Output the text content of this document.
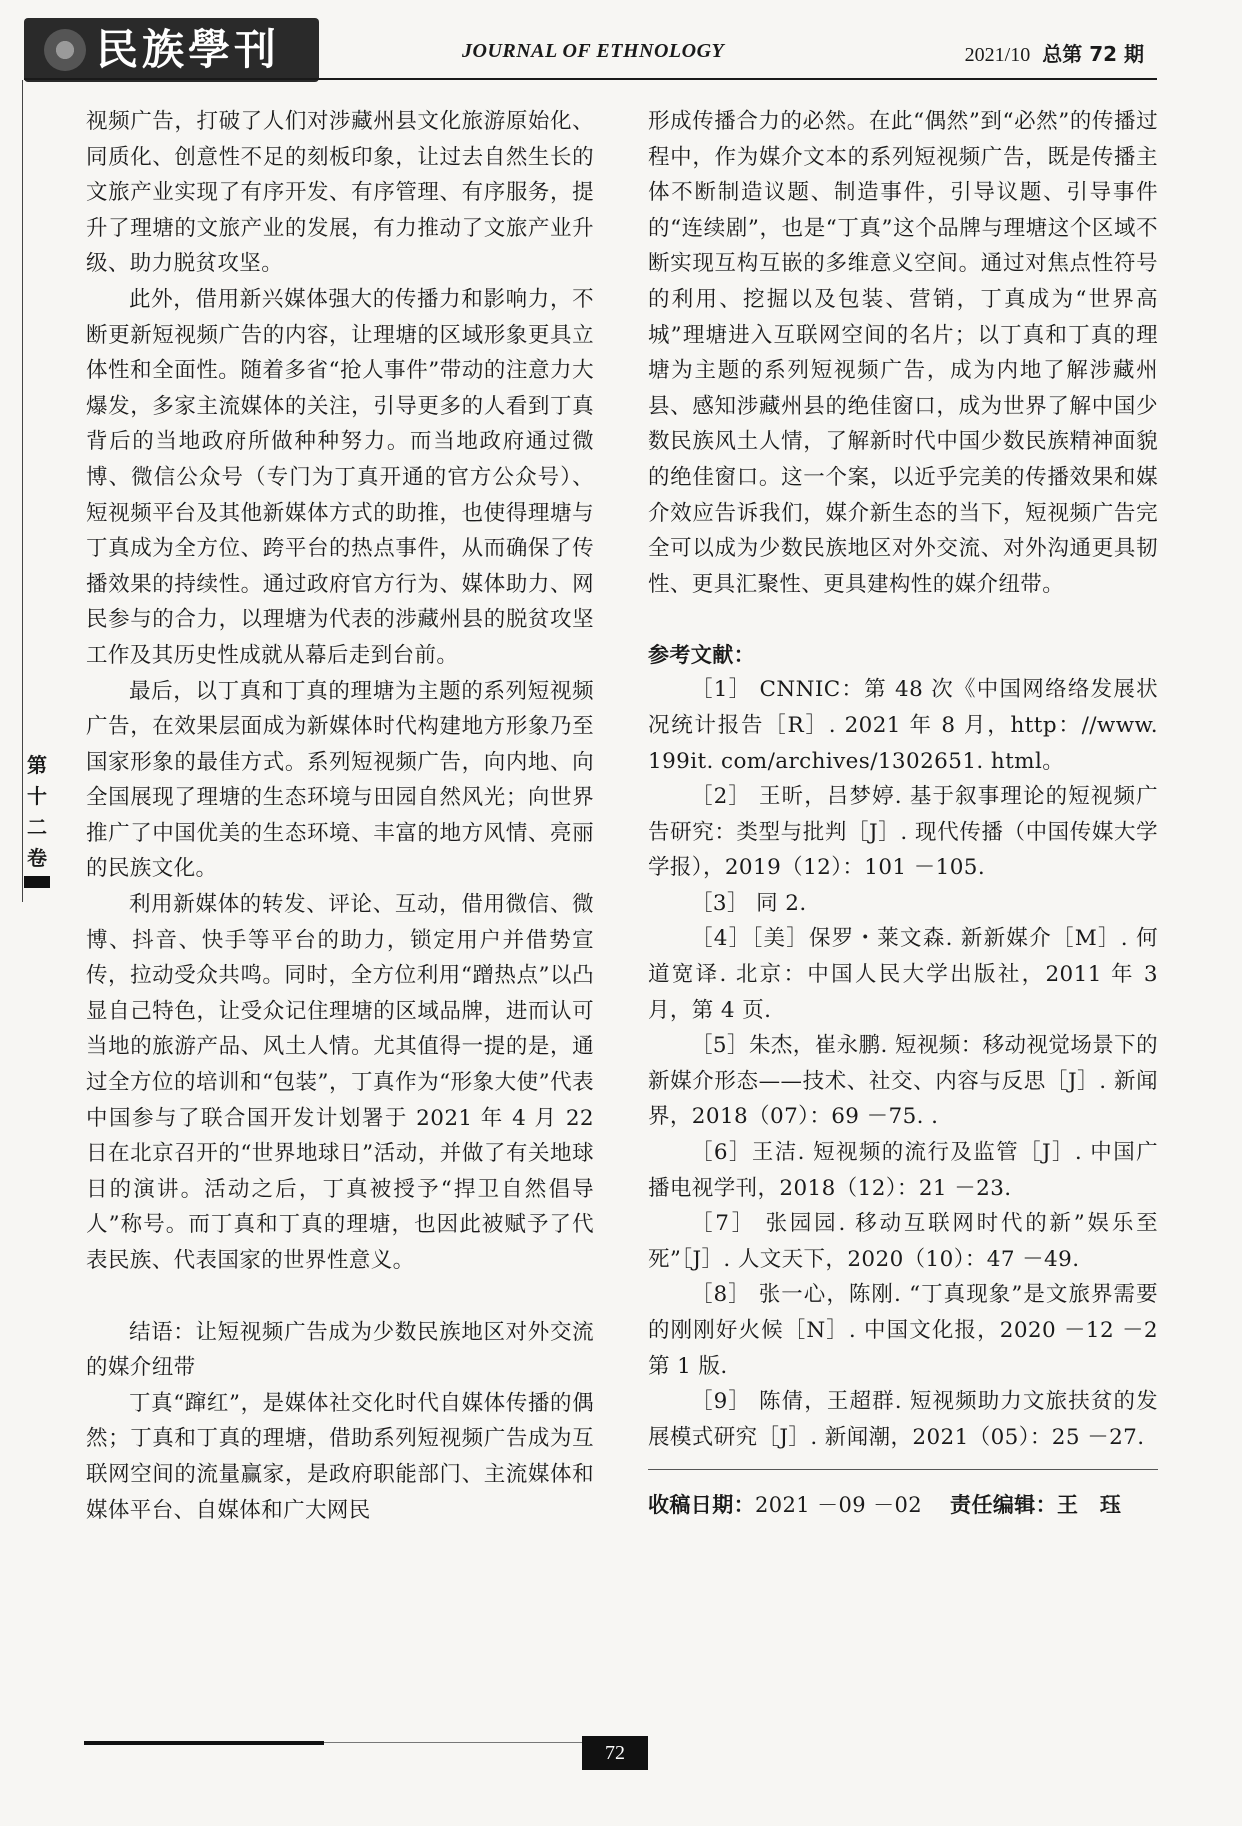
民族學刊	JOURNAL OF ETHNOLOGY	2021/10 总第 72 期
第
十
二
卷

视频广告，打破了人们对涉藏州县文化旅游原始化、同质化、创意性不足的刻板印象，让过去自然生长的文旅产业实现了有序开发、有序管理、有序服务，提升了理塘的文旅产业的发展，有力推动了文旅产业升级、助力脱贫攻坚。

此外，借用新兴媒体强大的传播力和影响力，不断更新短视频广告的内容，让理塘的区域形象更具立体性和全面性。随着多省“抢人事件”带动的注意力大爆发，多家主流媒体的关注，引导更多的人看到丁真背后的当地政府所做种种努力。而当地政府通过微博、微信公众号（专门为丁真开通的官方公众号）、短视频平台及其他新媒体方式的助推，也使得理塘与丁真成为全方位、跨平台的热点事件，从而确保了传播效果的持续性。通过政府官方行为、媒体助力、网民参与的合力，以理塘为代表的涉藏州县的脱贫攻坚工作及其历史性成就从幕后走到台前。

最后，以丁真和丁真的理塘为主题的系列短视频广告，在效果层面成为新媒体时代构建地方形象乃至国家形象的最佳方式。系列短视频广告，向内地、向全国展现了理塘的生态环境与田园自然风光；向世界推广了中国优美的生态环境、丰富的地方风情、亮丽的民族文化。

利用新媒体的转发、评论、互动，借用微信、微博、抖音、快手等平台的助力，锁定用户并借势宣传，拉动受众共鸣。同时，全方位利用“蹭热点”以凸显自己特色，让受众记住理塘的区域品牌，进而认可当地的旅游产品、风土人情。尤其值得一提的是，通过全方位的培训和“包装”，丁真作为“形象大使”代表中国参与了联合国开发计划署于 2021 年 4 月 22 日在北京召开的“世界地球日”活动，并做了有关地球日的演讲。活动之后，丁真被授予“捍卫自然倡导人”称号。而丁真和丁真的理塘，也因此被赋予了代表民族、代表国家的世界性意义。

结语：让短视频广告成为少数民族地区对外交流的媒介纽带

丁真“蹿红”，是媒体社交化时代自媒体传播的偶然；丁真和丁真的理塘，借助系列短视频广告成为互联网空间的流量赢家，是政府职能部门、主流媒体和媒体平台、自媒体和广大网民

形成传播合力的必然。在此“偶然”到“必然”的传播过程中，作为媒介文本的系列短视频广告，既是传播主体不断制造议题、制造事件，引导议题、引导事件的“连续剧”，也是“丁真”这个品牌与理塘这个区域不断实现互构互嵌的多维意义空间。通过对焦点性符号的利用、挖掘以及包装、营销，丁真成为“世界高城”理塘进入互联网空间的名片；以丁真和丁真的理塘为主题的系列短视频广告，成为内地了解涉藏州县、感知涉藏州县的绝佳窗口，成为世界了解中国少数民族风土人情，了解新时代中国少数民族精神面貌的绝佳窗口。这一个案，以近乎完美的传播效果和媒介效应告诉我们，媒介新生态的当下，短视频广告完全可以成为少数民族地区对外交流、对外沟通更具韧性、更具汇聚性、更具建构性的媒介纽带。

参考文献：

［1］ CNNIC：第 48 次《中国网络络发展状况统计报告［R］. 2021 年 8 月，http：//www. 199it. com/archives/1302651. html。

［2］ 王昕，吕梦婷. 基于叙事理论的短视频广告研究：类型与批判［J］. 现代传播（中国传媒大学学报），2019（12）：101 －105.

［3］ 同 2.

［4］［美］保罗・莱文森. 新新媒介［M］. 何道宽译. 北京：中国人民大学出版社，2011 年 3 月，第 4 页.

［5］朱杰，崔永鹏. 短视频：移动视觉场景下的新媒介形态——技术、社交、内容与反思［J］. 新闻界，2018（07）：69 －75. .

［6］王洁. 短视频的流行及监管［J］. 中国广播电视学刊，2018（12）：21 －23.

［7］ 张园园. 移动互联网时代的新”娱乐至死”［J］. 人文天下，2020（10）：47 －49.

［8］ 张一心，陈刚. “丁真现象”是文旅界需要的刚刚好火候［N］. 中国文化报，2020 －12 －2 第 1 版.

［9］ 陈倩，王超群. 短视频助力文旅扶贫的发展模式研究［J］. 新闻潮，2021（05）：25 －27.

收稿日期：2021 －09 －02 责任编辑：王　珏

72
